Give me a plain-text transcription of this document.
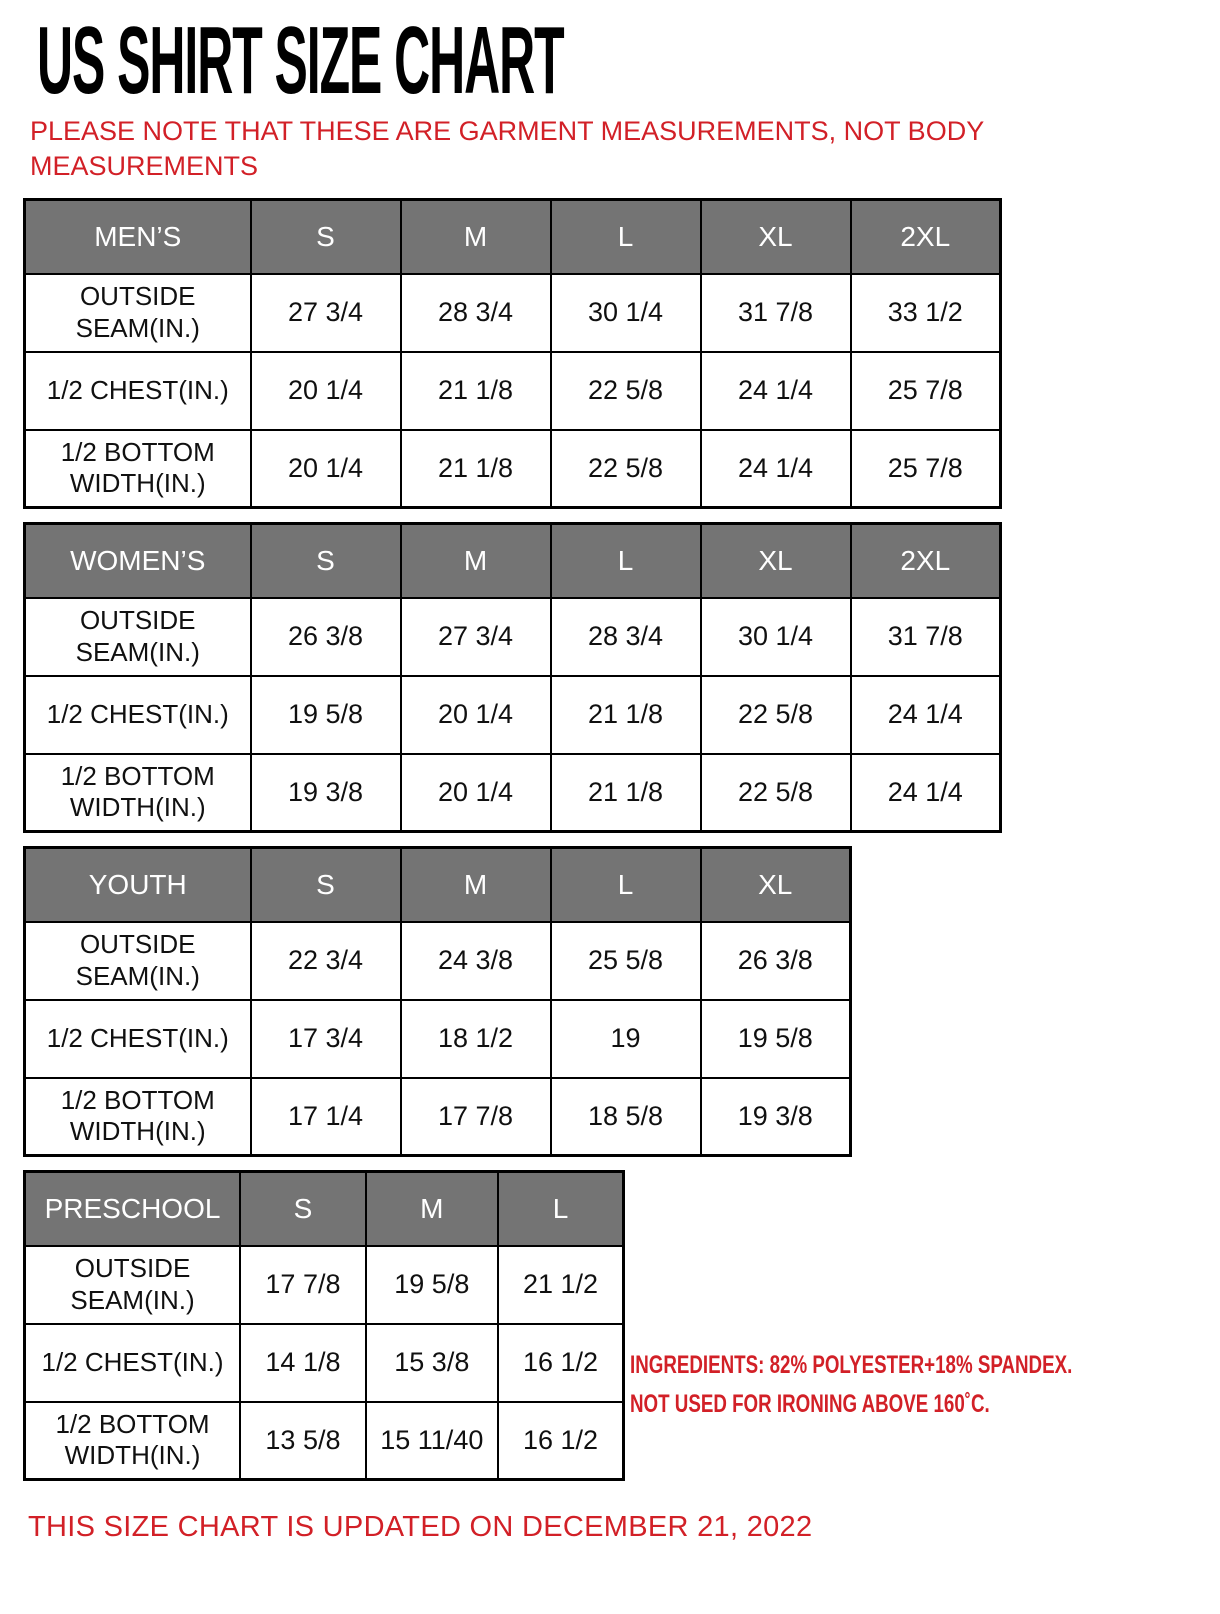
US SHIRT SIZE CHART
PLEASE NOTE THAT THESE ARE GARMENT MEASUREMENTS, NOT BODY MEASUREMENTS
MEN’S	S	M	L	XL	2XL
OUTSIDE SEAM(IN.)	27 3/4	28 3/4	30 1/4	31 7/8	33 1/2
1/2 CHEST(IN.)	20 1/4	21 1/8	22 5/8	24 1/4	25 7/8
1/2 BOTTOM WIDTH(IN.)	20 1/4	21 1/8	22 5/8	24 1/4	25 7/8
WOMEN’S	S	M	L	XL	2XL
OUTSIDE SEAM(IN.)	26 3/8	27 3/4	28 3/4	30 1/4	31 7/8
1/2 CHEST(IN.)	19 5/8	20 1/4	21 1/8	22 5/8	24 1/4
1/2 BOTTOM WIDTH(IN.)	19 3/8	20 1/4	21 1/8	22 5/8	24 1/4
YOUTH	S	M	L	XL
OUTSIDE SEAM(IN.)	22 3/4	24 3/8	25 5/8	26 3/8
1/2 CHEST(IN.)	17 3/4	18 1/2	19	19 5/8
1/2 BOTTOM WIDTH(IN.)	17 1/4	17 7/8	18 5/8	19 3/8
PRESCHOOL	S	M	L
OUTSIDE SEAM(IN.)	17 7/8	19 5/8	21 1/2
1/2 CHEST(IN.)	14 1/8	15 3/8	16 1/2
1/2 BOTTOM WIDTH(IN.)	13 5/8	15 11/40	16 1/2
INGREDIENTS: 82% POLYESTER+18% SPANDEX.
NOT USED FOR IRONING ABOVE 160˚C.
THIS SIZE CHART IS UPDATED ON DECEMBER 21, 2022
